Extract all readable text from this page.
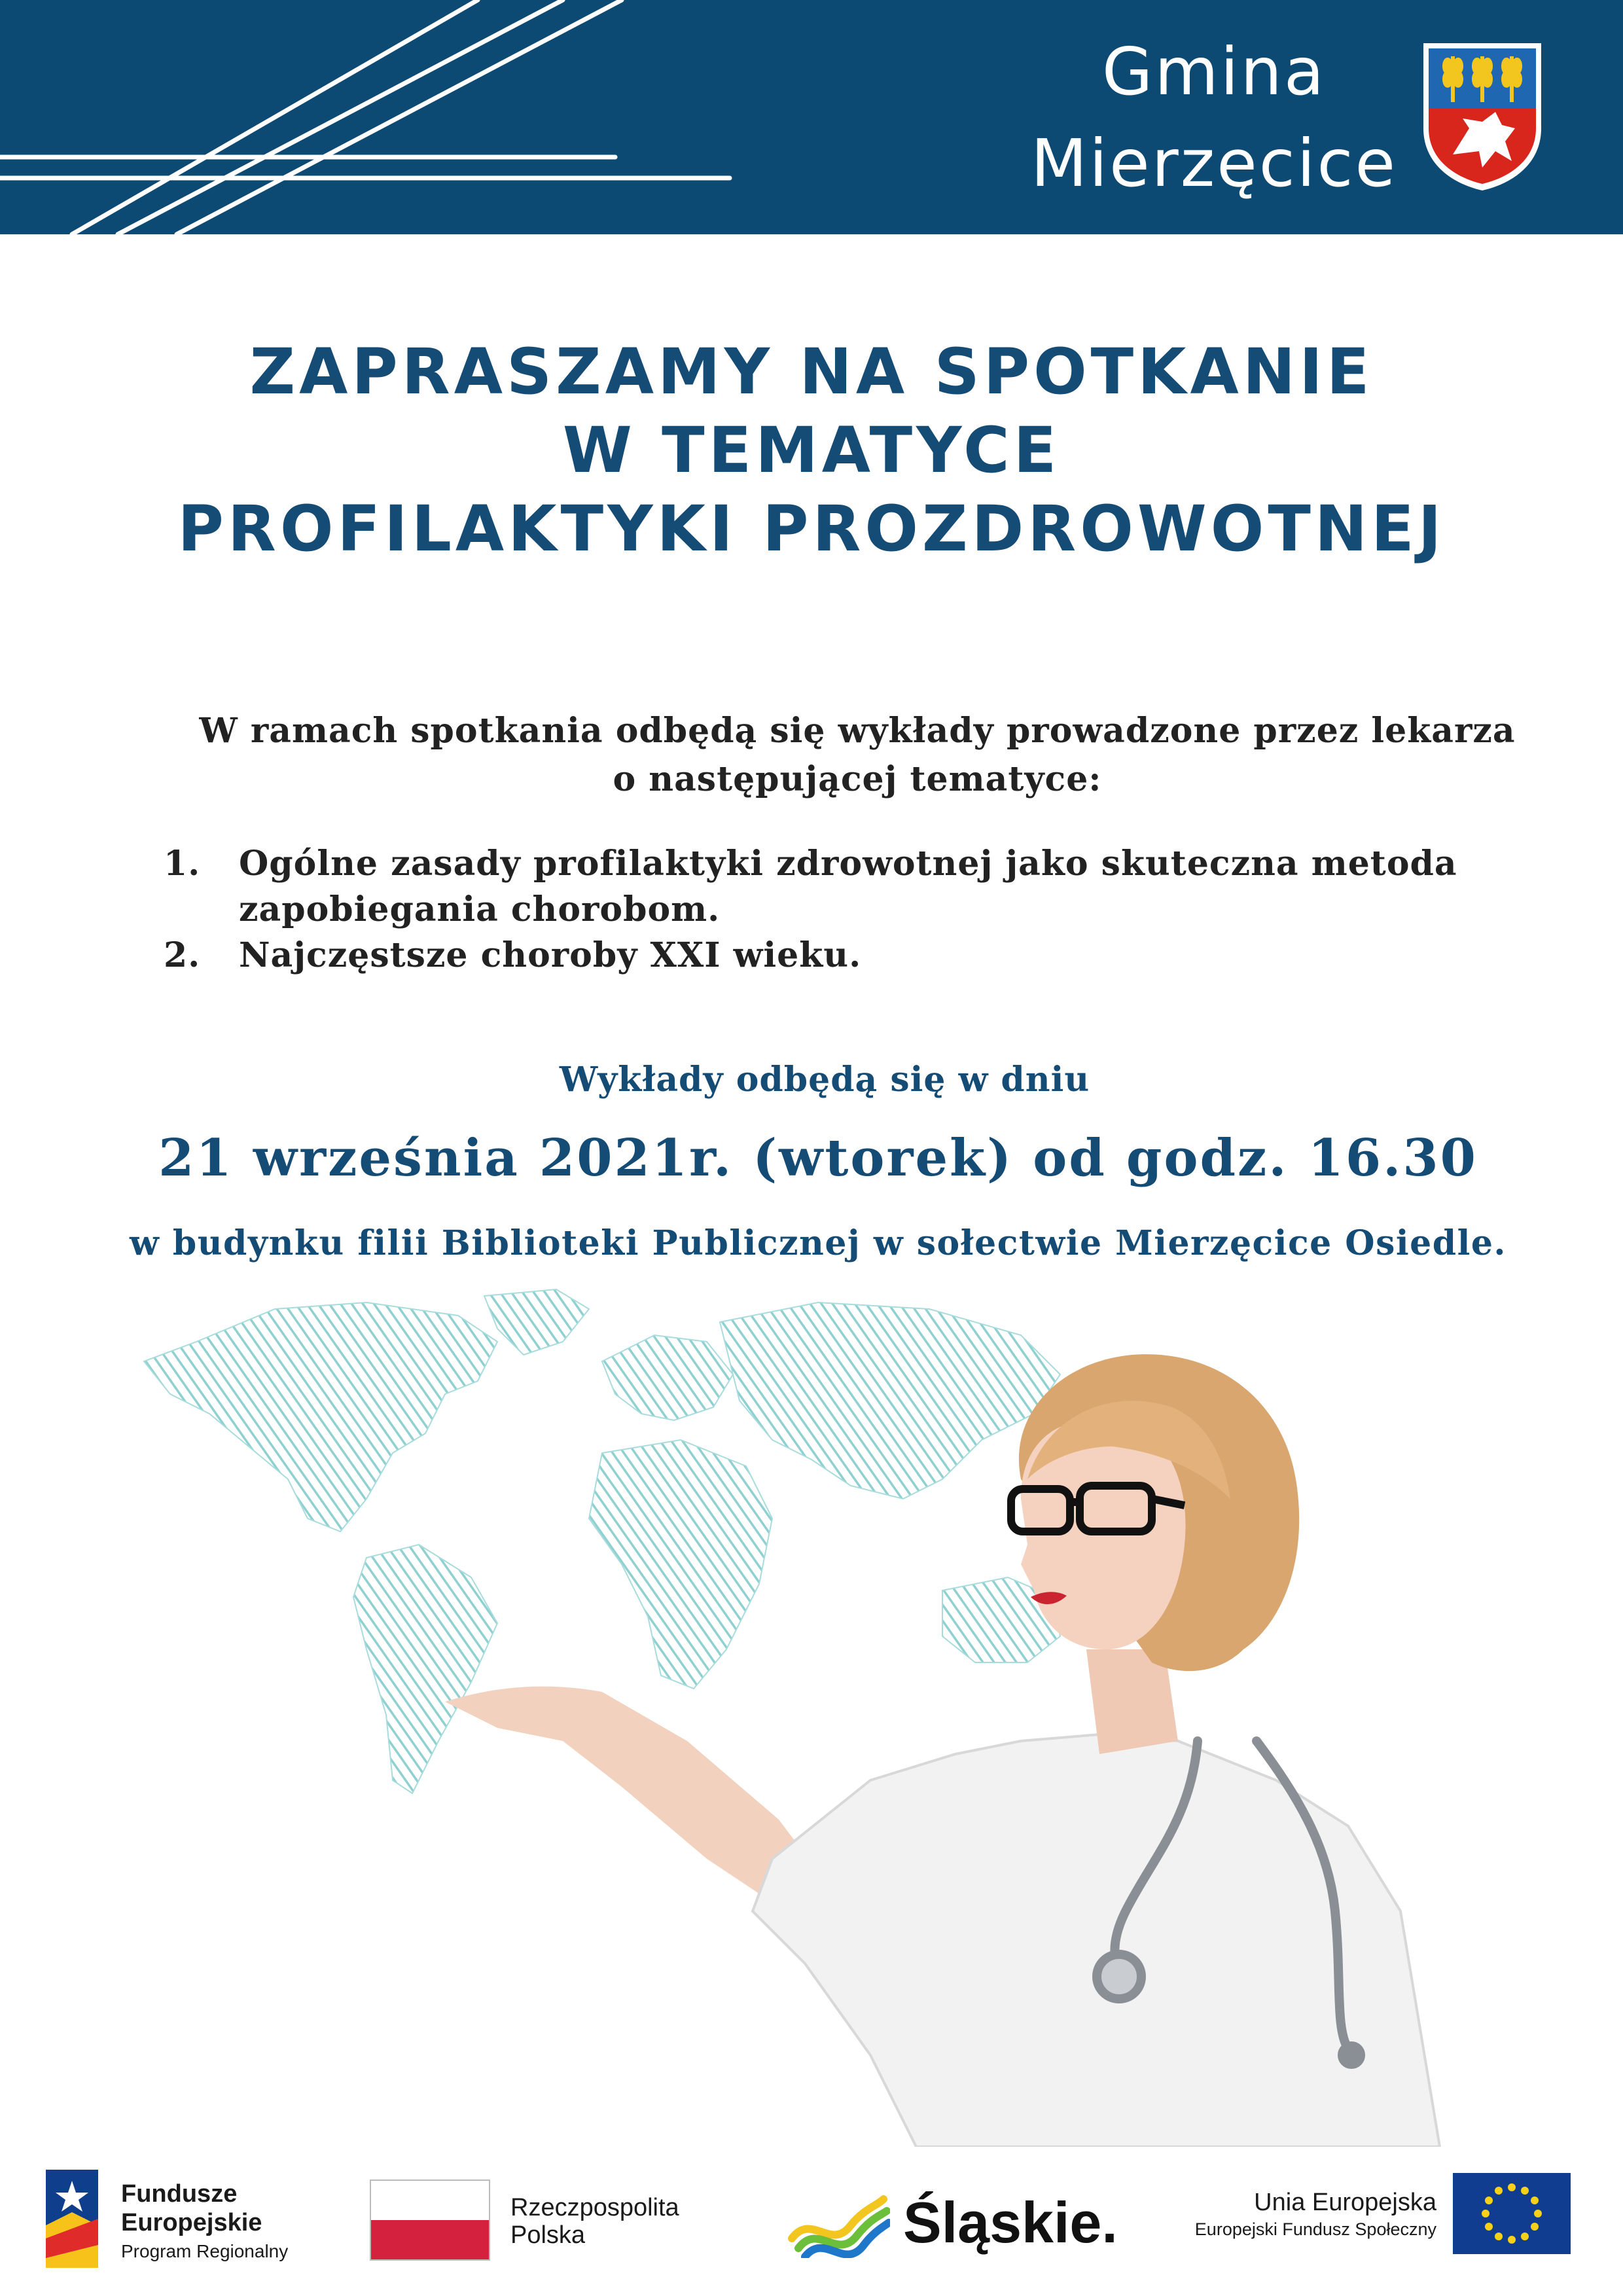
Gmina
Mierzęcice
ZAPRASZAMY NA SPOTKANIE
W TEMATYCE
PROFILAKTYKI PROZDROWOTNEJ
W ramach spotkania odbędą się wykłady prowadzone przez lekarza
o następującej tematyce:
1. Ogólne zasady profilaktyki zdrowotnej jako skuteczna metoda zapobiegania chorobom.
2. Najczęstsze choroby XXI wieku.
Wykłady odbędą się w dniu
21 września 2021r. (wtorek) od godz. 16.30
w budynku filii Biblioteki Publicznej w sołectwie Mierzęcice Osiedle.
Fundusze
Europejskie
Program Regionalny
Rzeczpospolita
Polska	Śląskie.	Unia Europejska
Europejski Fundusz Społeczny
